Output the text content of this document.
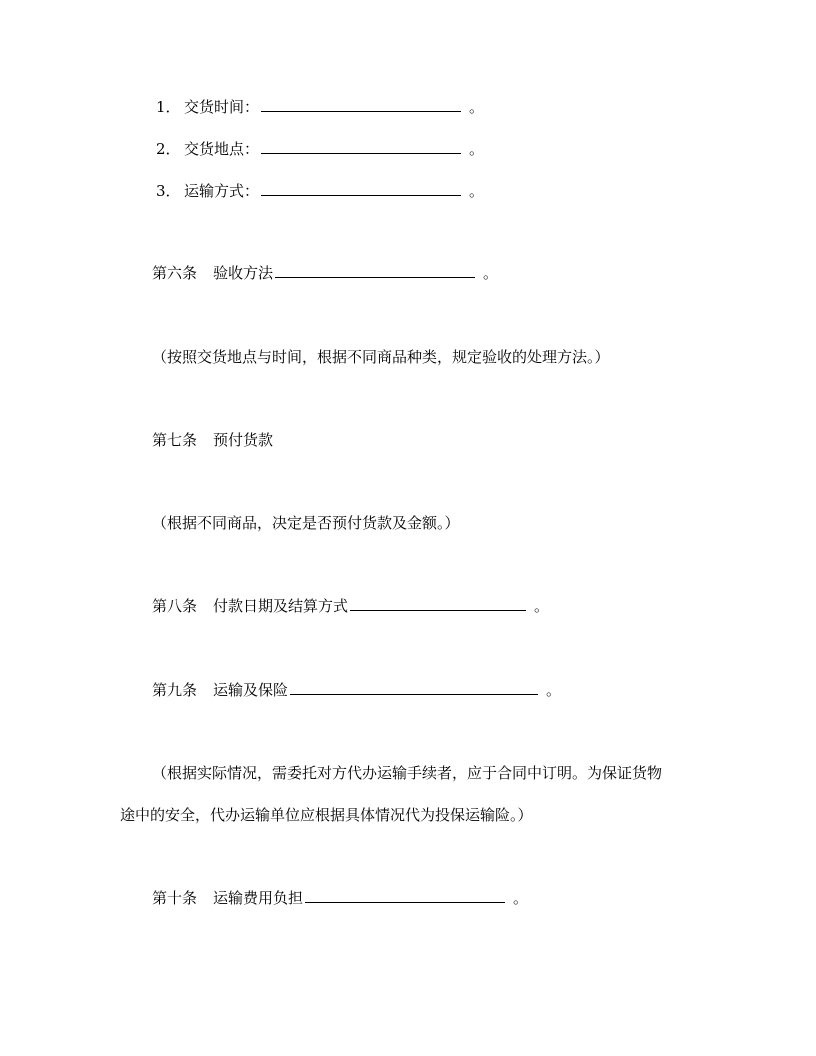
1． 交货时间：	。
2． 交货地点：	。
3． 运输方式：	。
第六条 验收方法	。
（按照交货地点与时间，根据不同商品种类，规定验收的处理方法。）
第七条 预付货款
（根据不同商品，决定是否预付货款及金额。）
第八条 付款日期及结算方式	。
第九条 运输及保险	。
（根据实际情况，需委托对方代办运输手续者，应于合同中订明。为保证货物
途中的安全，代办运输单位应根据具体情况代为投保运输险。）
第十条 运输费用负担	。
